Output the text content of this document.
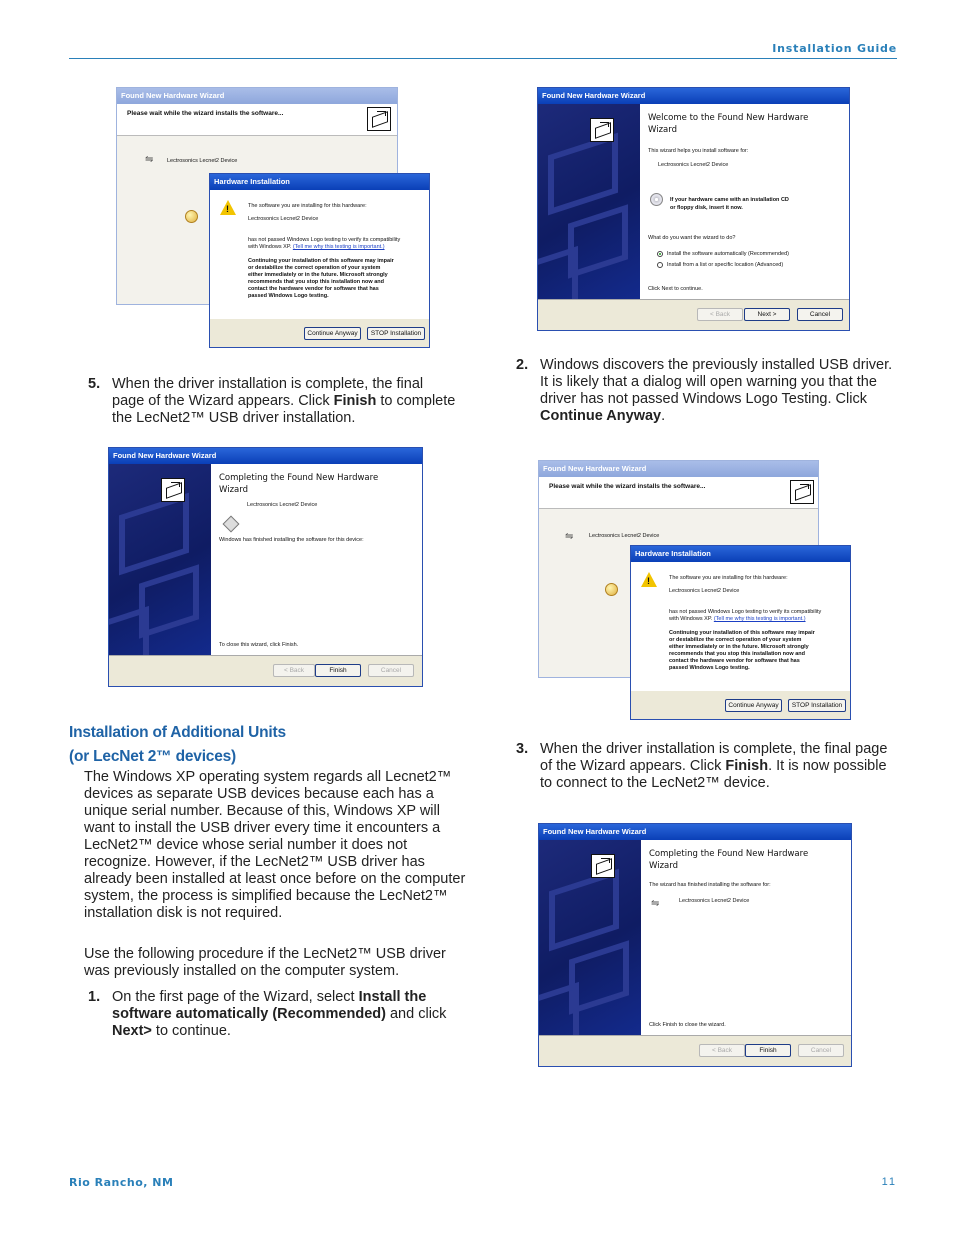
Installation Guide
Rio Rancho, NM	11
Found New Hardware Wizard
Please wait while the wizard installs the software...
⇋ Lectrosonics Lecnet2 Device
Hardware Installation
!	The software you are installing for this hardware:
Lectrosonics Lecnet2 Device
has not passed Windows Logo testing to verify its compatibility
with Windows XP. (Tell me why this testing is important.)
Continuing your installation of this software may impair
or destabilize the correct operation of your system
either immediately or in the future. Microsoft strongly
recommends that you stop this installation now and
contact the hardware vendor for software that has
passed Windows Logo testing.
Continue Anyway	STOP Installation
5. When the driver installation is complete, the final page of the Wizard appears. Click Finish to complete the LecNet2™ USB driver installation.
Found New Hardware Wizard
Completing the Found New Hardware Wizard
Lectrosonics Lecnet2 Device
Windows has finished installing the software for this device:
To close this wizard, click Finish.
< Back	Finish	Cancel
Installation of Additional Units
(or LecNet 2™ devices)
The Windows XP operating system regards all Lecnet2™ devices as separate USB devices because each has a unique serial number. Because of this, Windows XP will want to install the USB driver every time it encounters a LecNet2™ device whose serial number it does not recognize. However, if the LecNet2™ USB driver has already been installed at least once before on the computer system, the process is simplified because the LecNet2™ installation disk is not required.
Use the following procedure if the LecNet2™ USB driver was previously installed on the computer system.
1. On the first page of the Wizard, select Install the software automatically (Recommended) and click Next> to continue.
Found New Hardware Wizard
Welcome to the Found New Hardware Wizard
This wizard helps you install software for:
Lectrosonics Lecnet2 Device
If your hardware came with an installation CD
or floppy disk, insert it now.
What do you want the wizard to do?
Install the software automatically (Recommended)
Install from a list or specific location (Advanced)
Click Next to continue.
< Back	Next >	Cancel
2. Windows discovers the previously installed USB driver. It is likely that a dialog will open warning you that the driver has not passed Windows Logo Testing. Click Continue Anyway.
Found New Hardware Wizard
Please wait while the wizard installs the software...
⇋	Lectrosonics Lecnet2 Device
Hardware Installation
!	The software you are installing for this hardware:
Lectrosonics Lecnet2 Device
has not passed Windows Logo testing to verify its compatibility
with Windows XP. (Tell me why this testing is important.)
Continuing your installation of this software may impair
or destabilize the correct operation of your system
either immediately or in the future. Microsoft strongly
recommends that you stop this installation now and
contact the hardware vendor for software that has
passed Windows Logo testing.
Continue Anyway	STOP Installation
3. When the driver installation is complete, the final page of the Wizard appears. Click Finish. It is now possible to connect to the LecNet2™ device.
Found New Hardware Wizard
Completing the Found New Hardware Wizard
The wizard has finished installing the software for:
⇋	Lectrosonics Lecnet2 Device
Click Finish to close the wizard.
< Back	Finish	Cancel
